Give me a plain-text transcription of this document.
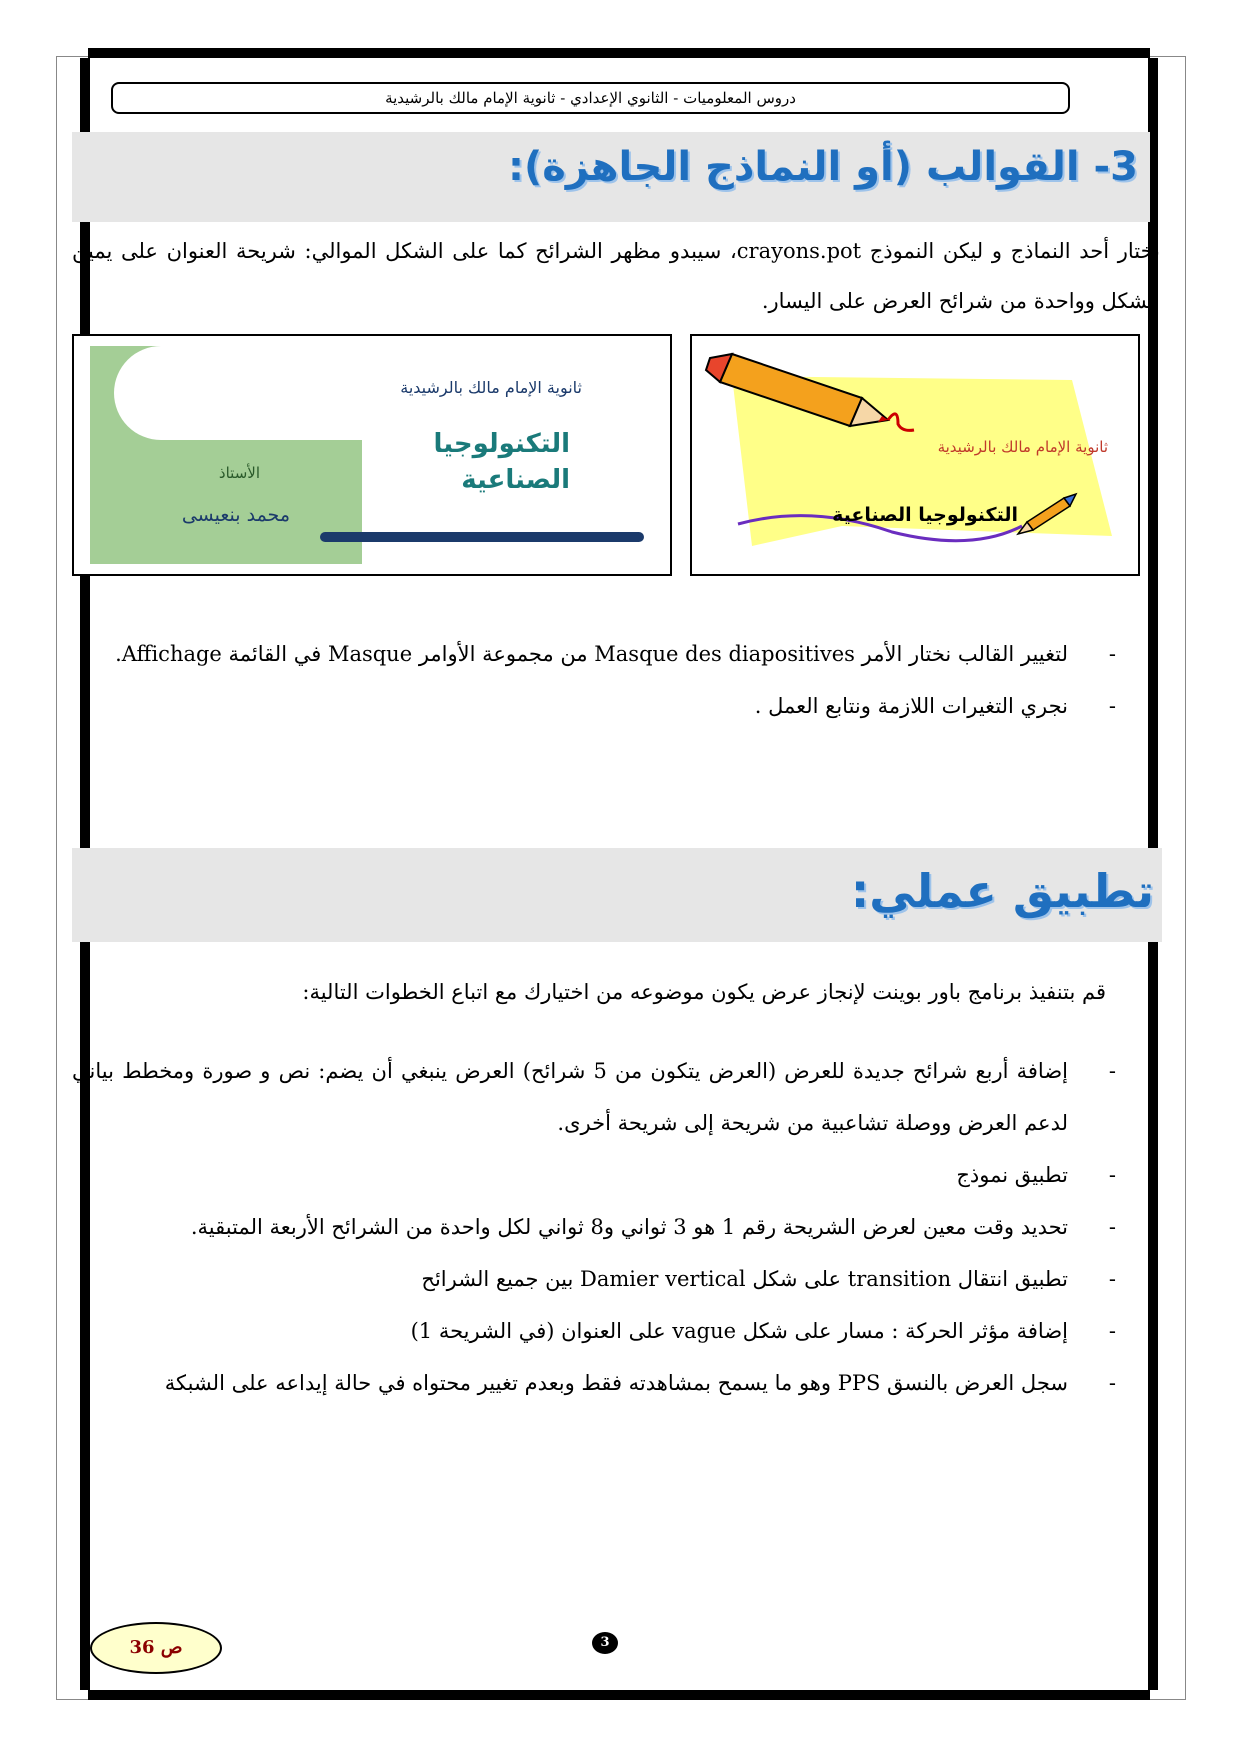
دروس المعلوميات - الثانوي الإعدادي - ثانوية الإمام مالك بالرشيدية
3- القوالب (أو النماذج الجاهزة):
نختار أحد النماذج و ليكن النموذج crayons.pot، سيبدو مظهر الشرائح كما على الشكل الموالي: شريحة العنوان على يمين الشكل وواحدة من شرائح العرض على اليسار.
ثانوية الإمام مالك بالرشيدية
التكنولوجيا
الصناعية
الأستاذ
محمد بنعيسى
ثانوية الإمام مالك بالرشيدية
التكنولوجيا الصناعية
- لتغيير القالب نختار الأمر Masque des diapositives من مجموعة الأوامر Masque في القائمة Affichage.
- نجري التغيرات اللازمة ونتابع العمل .
تطبيق عملي:
قم بتنفيذ برنامج باور بوينت لإنجاز عرض يكون موضوعه من اختيارك مع اتباع الخطوات التالية:
- إضافة أربع شرائح جديدة للعرض (العرض يتكون من 5 شرائح) العرض ينبغي أن يضم: نص و صورة ومخطط بياني لدعم العرض ووصلة تشاعبية من شريحة إلى شريحة أخرى.
- تطبيق نموذج
- تحديد وقت معين لعرض الشريحة رقم 1 هو 3 ثواني و8 ثواني لكل واحدة من الشرائح الأربعة المتبقية.
- تطبيق انتقال transition على شكل Damier vertical بين جميع الشرائح
- إضافة مؤثر الحركة : مسار على شكل vague على العنوان (في الشريحة 1)
- سجل العرض بالنسق PPS وهو ما يسمح بمشاهدته فقط وبعدم تغيير محتواه في حالة إيداعه على الشبكة
ص 36	3
